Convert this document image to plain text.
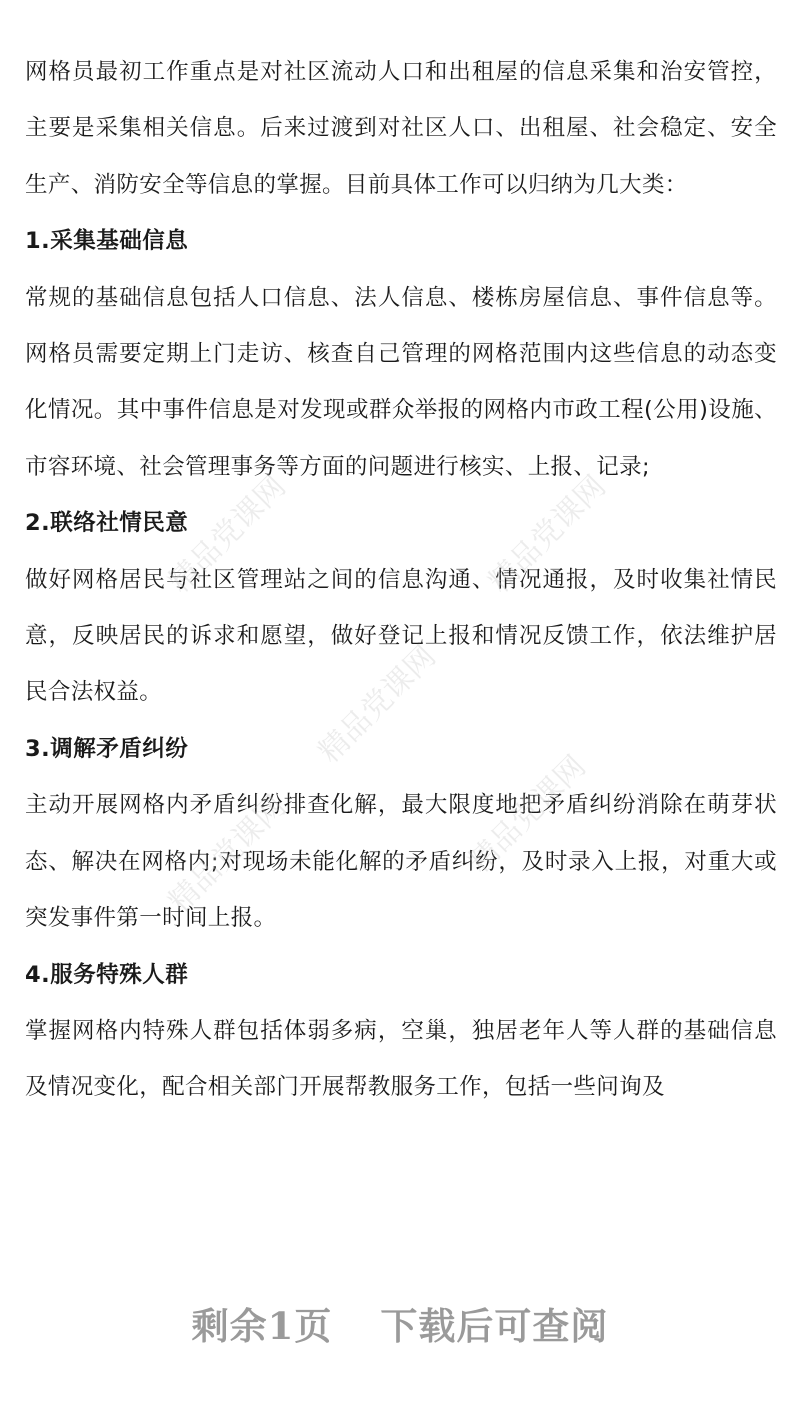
网格员最初工作重点是对社区流动人口和出租屋的信息采集和治安管控，主要是采集相关信息。后来过渡到对社区人口、出租屋、社会稳定、安全生产、消防安全等信息的掌握。目前具体工作可以归纳为几大类：

1.采集基础信息

常规的基础信息包括人口信息、法人信息、楼栋房屋信息、事件信息等。网格员需要定期上门走访、核查自己管理的网格范围内这些信息的动态变化情况。其中事件信息是对发现或群众举报的网格内市政工程(公用)设施、市容环境、社会管理事务等方面的问题进行核实、上报、记录;

2.联络社情民意

做好网格居民与社区管理站之间的信息沟通、情况通报，及时收集社情民意，反映居民的诉求和愿望，做好登记上报和情况反馈工作，依法维护居民合法权益。

3.调解矛盾纠纷

主动开展网格内矛盾纠纷排查化解，最大限度地把矛盾纠纷消除在萌芽状态、解决在网格内;对现场未能化解的矛盾纠纷，及时录入上报，对重大或突发事件第一时间上报。

4.服务特殊人群

掌握网格内特殊人群包括体弱多病，空巢，独居老年人等人群的基础信息及情况变化，配合相关部门开展帮教服务工作，包括一些问询及

精品党课网	精品党课网
精品党课网
精品党课网	精品党课网
剩余1页 下载后可查阅
